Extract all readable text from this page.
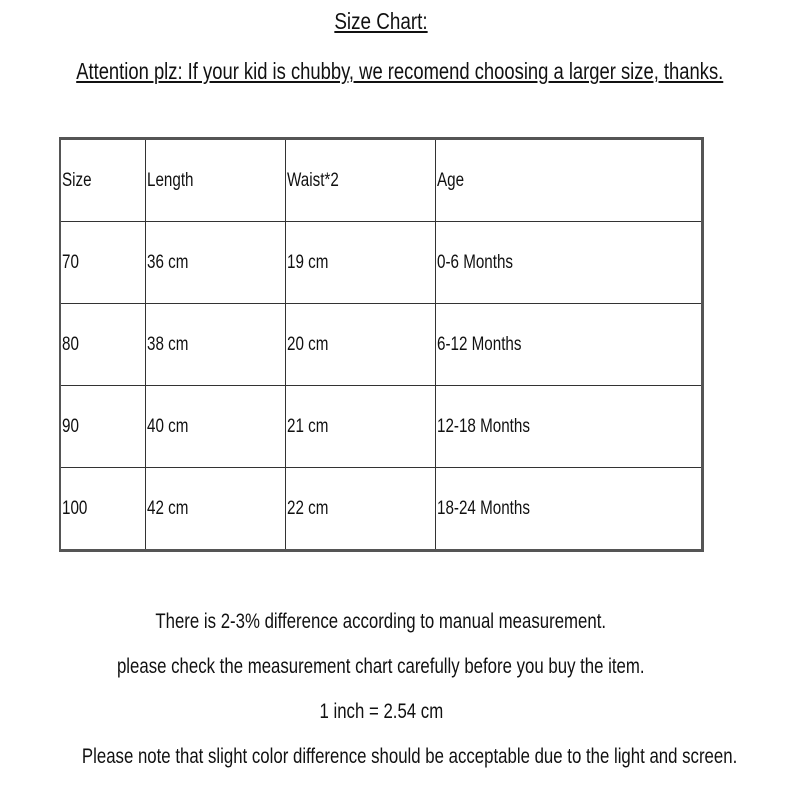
Size Chart:
Attention plz: If your kid is chubby, we recomend choosing a larger size, thanks.
Size	Length	Waist*2	Age
70	36 cm	19 cm	0-6 Months
80	38 cm	20 cm	6-12 Months
90	40 cm	21 cm	12-18 Months
100	42 cm	22 cm	18-24 Months
There is 2-3% difference according to manual measurement.
please check the measurement chart carefully before you buy the item.
1 inch = 2.54 cm
Please note that slight color difference should be acceptable due to the light and screen.
